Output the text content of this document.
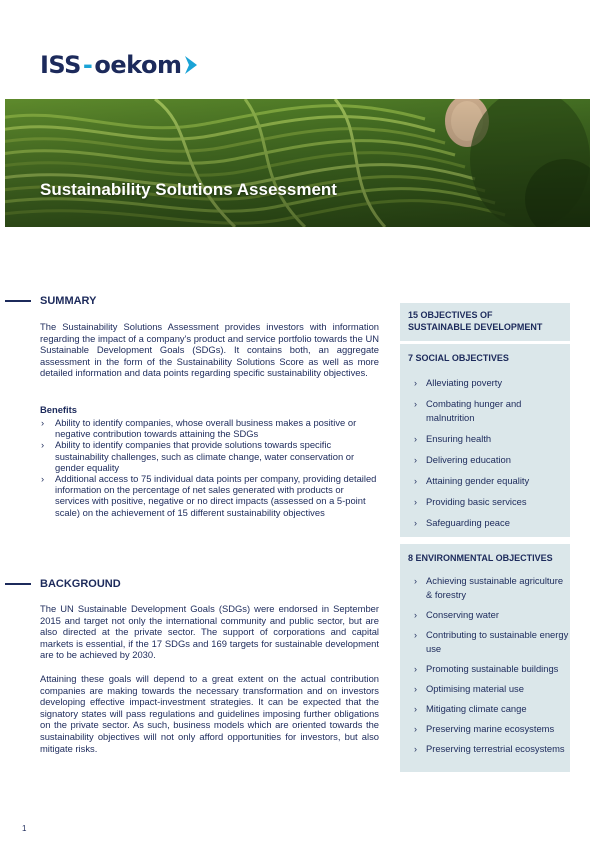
ISS-oekom
Sustainability Solutions Assessment
SUMMARY
The Sustainability Solutions Assessment provides investors with information regarding the impact of a company's product and service portfolio towards the UN Sustainable Development Goals (SDGs). It contains both, an aggregate assessment in the form of the Sustainability Solutions Score as well as more detailed information and data points regarding specific sustainability objectives.
Benefits
› Ability to identify companies, whose overall business makes a positive or negative contribution towards attaining the SDGs
› Ability to identify companies that provide solutions towards specific sustainability challenges, such as climate change, water conservation or gender equality
› Additional access to 75 individual data points per company, providing detailed information on the percentage of net sales generated with products or services with positive, negative or no direct impacts (assessed on a 5-point scale) on the achievement of 15 different sustainability objectives
BACKGROUND
The UN Sustainable Development Goals (SDGs) were endorsed in September 2015 and target not only the international community and public sector, but are also directed at the private sector. The support of corporations and capital markets is essential, if the 17 SDGs and 169 targets for sustainable development are to be achieved by 2030.
Attaining these goals will depend to a great extent on the actual contribution companies are making towards the necessary transformation and on investors developing effective impact-investment strategies. It can be expected that the signatory states will pass regulations and guidelines imposing further obligations on the private sector. As such, business models which are oriented towards the sustainability objectives will not only afford opportunities for investors, but also mitigate risks.
15 OBJECTIVES OF
SUSTAINABLE DEVELOPMENT
7 SOCIAL OBJECTIVES
› Alleviating poverty
› Combating hunger and malnutrition
› Ensuring health
› Delivering education
› Attaining gender equality
› Providing basic services
› Safeguarding peace
8 ENVIRONMENTAL OBJECTIVES
› Achieving sustainable agriculture & forestry
› Conserving water
› Contributing to sustainable energy use
› Promoting sustainable buildings
› Optimising material use
› Mitigating climate cange
› Preserving marine ecosystems
› Preserving terrestrial ecosystems
1
